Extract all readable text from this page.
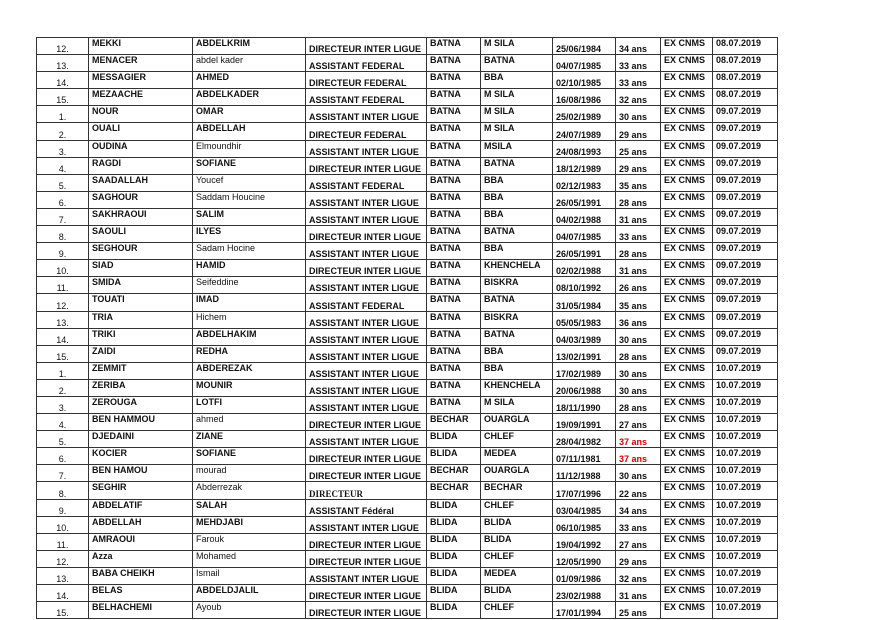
12.	MEKKI	ABDELKRIM	DIRECTEUR INTER LIGUE	BATNA	M SILA	25/06/1984	34 ans	EX CNMS	08.07.2019
13.	MENACER	abdel kader	ASSISTANT FEDERAL	BATNA	BATNA	04/07/1985	33 ans	EX CNMS	08.07.2019
14.	MESSAGIER	AHMED	DIRECTEUR FEDERAL	BATNA	BBA	02/10/1985	33 ans	EX CNMS	08.07.2019
15.	MEZAACHE	ABDELKADER	ASSISTANT FEDERAL	BATNA	M SILA	16/08/1986	32 ans	EX CNMS	08.07.2019
1.	NOUR	OMAR	ASSISTANT INTER LIGUE	BATNA	M SILA	25/02/1989	30 ans	EX CNMS	09.07.2019
2.	OUALI	ABDELLAH	DIRECTEUR FEDERAL	BATNA	M SILA	24/07/1989	29 ans	EX CNMS	09.07.2019
3.	OUDINA	Elmoundhir	ASSISTANT INTER LIGUE	BATNA	MSILA	24/08/1993	25 ans	EX CNMS	09.07.2019
4.	RAGDI	SOFIANE	DIRECTEUR INTER LIGUE	BATNA	BATNA	18/12/1989	29 ans	EX CNMS	09.07.2019
5.	SAADALLAH	Youcef	ASSISTANT FEDERAL	BATNA	BBA	02/12/1983	35 ans	EX CNMS	09.07.2019
6.	SAGHOUR	Saddam Houcine	ASSISTANT INTER LIGUE	BATNA	BBA	26/05/1991	28 ans	EX CNMS	09.07.2019
7.	SAKHRAOUI	SALIM	ASSISTANT INTER LIGUE	BATNA	BBA	04/02/1988	31 ans	EX CNMS	09.07.2019
8.	SAOULI	ILYES	DIRECTEUR INTER LIGUE	BATNA	BATNA	04/07/1985	33 ans	EX CNMS	09.07.2019
9.	SEGHOUR	Sadam Hocine	ASSISTANT INTER LIGUE	BATNA	BBA	26/05/1991	28 ans	EX CNMS	09.07.2019
10.	SIAD	HAMID	DIRECTEUR INTER LIGUE	BATNA	KHENCHELA	02/02/1988	31 ans	EX CNMS	09.07.2019
11.	SMIDA	Seifeddine	ASSISTANT INTER LIGUE	BATNA	BISKRA	08/10/1992	26 ans	EX CNMS	09.07.2019
12.	TOUATI	IMAD	ASSISTANT FEDERAL	BATNA	BATNA	31/05/1984	35 ans	EX CNMS	09.07.2019
13.	TRIA	Hichem	ASSISTANT INTER LIGUE	BATNA	BISKRA	05/05/1983	36 ans	EX CNMS	09.07.2019
14.	TRIKI	ABDELHAKIM	ASSISTANT INTER LIGUE	BATNA	BATNA	04/03/1989	30 ans	EX CNMS	09.07.2019
15.	ZAIDI	REDHA	ASSISTANT INTER LIGUE	BATNA	BBA	13/02/1991	28 ans	EX CNMS	09.07.2019
1.	ZEMMIT	ABDEREZAK	ASSISTANT INTER LIGUE	BATNA	BBA	17/02/1989	30 ans	EX CNMS	10.07.2019
2.	ZERIBA	MOUNIR	ASSISTANT INTER LIGUE	BATNA	KHENCHELA	20/06/1988	30 ans	EX CNMS	10.07.2019
3.	ZEROUGA	LOTFI	ASSISTANT INTER LIGUE	BATNA	M SILA	18/11/1990	28 ans	EX CNMS	10.07.2019
4.	BEN HAMMOU	ahmed	DIRECTEUR INTER LIGUE	BECHAR	OUARGLA	19/09/1991	27 ans	EX CNMS	10.07.2019
5.	DJEDAINI	ZIANE	ASSISTANT INTER LIGUE	BLIDA	CHLEF	28/04/1982	37 ans	EX CNMS	10.07.2019
6.	KOCIER	SOFIANE	DIRECTEUR INTER LIGUE	BLIDA	MEDEA	07/11/1981	37 ans	EX CNMS	10.07.2019
7.	BEN HAMOU	mourad	DIRECTEUR INTER LIGUE	BECHAR	OUARGLA	11/12/1988	30 ans	EX CNMS	10.07.2019
8.	SEGHIR	Abderrezak	DIRECTEUR	BECHAR	BECHAR	17/07/1996	22 ans	EX CNMS	10.07.2019
9.	ABDELATIF	SALAH	ASSISTANT Fédéral	BLIDA	CHLEF	03/04/1985	34 ans	EX CNMS	10.07.2019
10.	ABDELLAH	MEHDJABI	ASSISTANT INTER LIGUE	BLIDA	BLIDA	06/10/1985	33 ans	EX CNMS	10.07.2019
11.	AMRAOUI	Farouk	DIRECTEUR INTER LIGUE	BLIDA	BLIDA	19/04/1992	27 ans	EX CNMS	10.07.2019
12.	Azza	Mohamed	DIRECTEUR INTER LIGUE	BLIDA	CHLEF	12/05/1990	29 ans	EX CNMS	10.07.2019
13.	BABA CHEIKH	Ismail	ASSISTANT INTER LIGUE	BLIDA	MEDEA	01/09/1986	32 ans	EX CNMS	10.07.2019
14.	BELAS	ABDELDJALIL	DIRECTEUR INTER LIGUE	BLIDA	BLIDA	23/02/1988	31 ans	EX CNMS	10.07.2019
15.	BELHACHEMI	Ayoub	DIRECTEUR INTER LIGUE	BLIDA	CHLEF	17/01/1994	25 ans	EX CNMS	10.07.2019
